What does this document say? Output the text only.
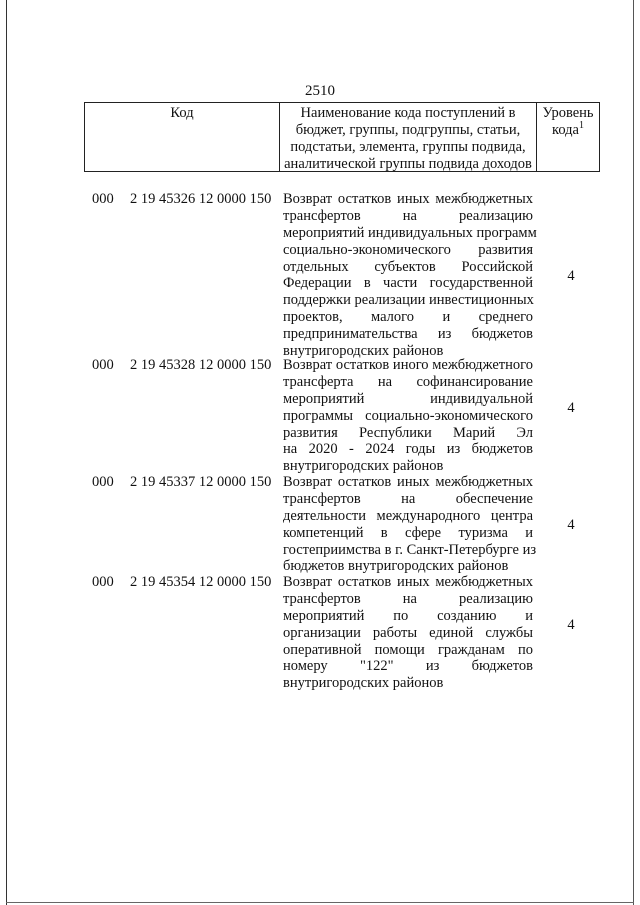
2510
Код	Наименование кода поступлений в
бюджет, группы, подгруппы, статьи,
подстатьи, элемента, группы подвида,
аналитической группы подвида доходов
Уровень
кода$^1$
000 2 19 45326 12 0000 150 Возврат остатков иных межбюджетных
трансфертов на реализацию
мероприятий индивидуальных программ
социально-экономического развития
отдельных субъектов Российской
Федерации в части государственной
поддержки реализации инвестиционных
проектов, малого и среднего
предпринимательства из бюджетов
внутригородских районов
4
000 2 19 45328 12 0000 150 Возврат остатков иного межбюджетного
трансферта на софинансирование
мероприятий индивидуальной
программы социально-экономического
развития Республики Марий Эл
на 2020 - 2024 годы из бюджетов
внутригородских районов
4
000 2 19 45337 12 0000 150 Возврат остатков иных межбюджетных
трансфертов на обеспечение
деятельности международного центра
компетенций в сфере туризма и
гостеприимства в г. Санкт-Петербурге из
бюджетов внутригородских районов
4
000 2 19 45354 12 0000 150 Возврат остатков иных межбюджетных
трансфертов на реализацию
мероприятий по созданию и
организации работы единой службы
оперативной помощи гражданам по
номеру "122" из бюджетов
внутригородских районов
4
